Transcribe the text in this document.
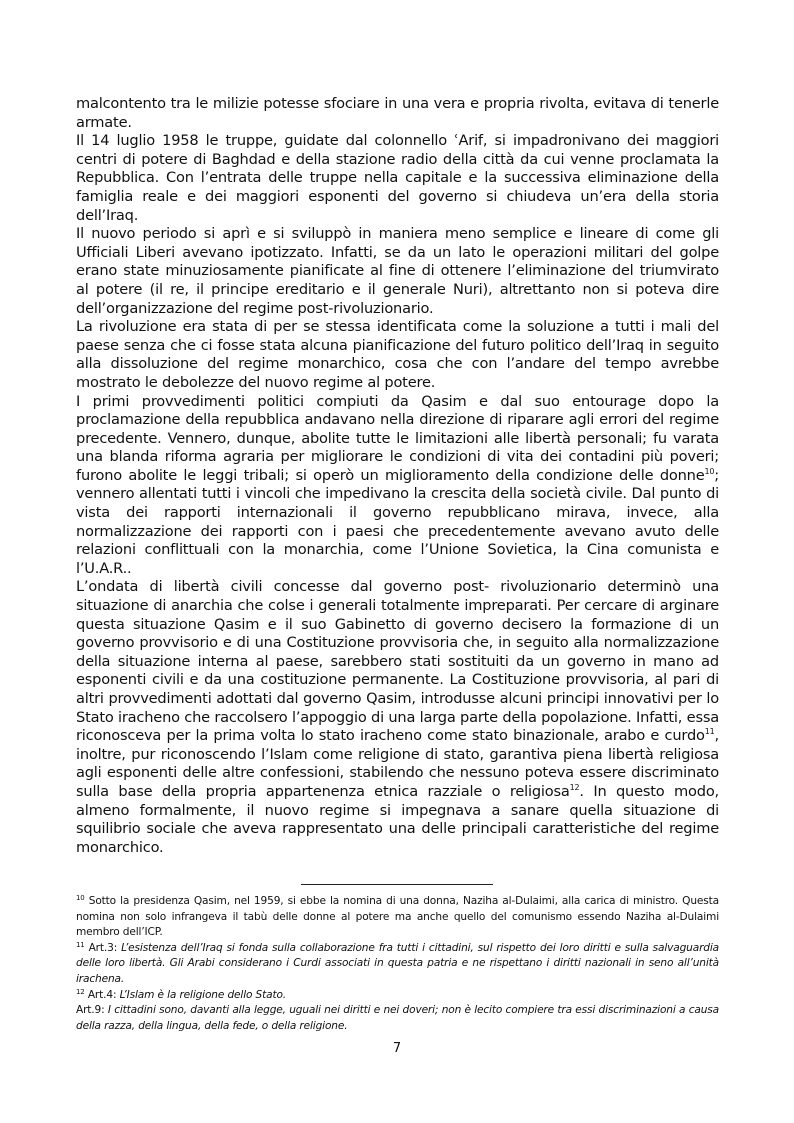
malcontento tra le milizie potesse sfociare in una vera e propria rivolta, evitava di tenerle armate.

Il 14 luglio 1958 le truppe, guidate dal colonnello ʿArif, si impadronivano dei maggiori centri di potere di Baghdad e della stazione radio della città da cui venne proclamata la Repubblica. Con l’entrata delle truppe nella capitale e la successiva eliminazione della famiglia reale e dei maggiori esponenti del governo si chiudeva un’era della storia dell’Iraq.

Il nuovo periodo si aprì e si sviluppò in maniera meno semplice e lineare di come gli Ufficiali Liberi avevano ipotizzato. Infatti, se da un lato le operazioni militari del golpe erano state minuziosamente pianificate al fine di ottenere l’eliminazione del triumvirato al potere (il re, il principe ereditario e il generale Nuri), altrettanto non si poteva dire dell’organizzazione del regime post-rivoluzionario.

La rivoluzione era stata di per se stessa identificata come la soluzione a tutti i mali del paese senza che ci fosse stata alcuna pianificazione del futuro politico dell’Iraq in seguito alla dissoluzione del regime monarchico, cosa che con l’andare del tempo avrebbe mostrato le debolezze del nuovo regime al potere.

I primi provvedimenti politici compiuti da Qasim e dal suo entourage dopo la proclamazione della repubblica andavano nella direzione di riparare agli errori del regime precedente. Vennero, dunque, abolite tutte le limitazioni alle libertà personali; fu varata una blanda riforma agraria per migliorare le condizioni di vita dei contadini più poveri; furono abolite le leggi tribali; si operò un miglioramento della condizione delle donne$^{10}$; vennero allentati tutti i vincoli che impedivano la crescita della società civile. Dal punto di vista dei rapporti internazionali il governo repubblicano mirava, invece, alla normalizzazione dei rapporti con i paesi che precedentemente avevano avuto delle relazioni conflittuali con la monarchia, come l’Unione Sovietica, la Cina comunista e l’U.A.R..

L’ondata di libertà civili concesse dal governo post- rivoluzionario determinò una situazione di anarchia che colse i generali totalmente impreparati. Per cercare di arginare questa situazione Qasim e il suo Gabinetto di governo decisero la formazione di un governo provvisorio e di una Costituzione provvisoria che, in seguito alla normalizzazione della situazione interna al paese, sarebbero stati sostituiti da un governo in mano ad esponenti civili e da una costituzione permanente. La Costituzione provvisoria, al pari di altri provvedimenti adottati dal governo Qasim, introdusse alcuni principi innovativi per lo Stato iracheno che raccolsero l’appoggio di una larga parte della popolazione. Infatti, essa riconosceva per la prima volta lo stato iracheno come stato binazionale, arabo e curdo$^{11}$, inoltre, pur riconoscendo l’Islam come religione di stato, garantiva piena libertà religiosa agli esponenti delle altre confessioni, stabilendo che nessuno poteva essere discriminato sulla base della propria appartenenza etnica razziale o religiosa$^{12}$. In questo modo, almeno formalmente, il nuovo regime si impegnava a sanare quella situazione di squilibrio sociale che aveva rappresentato una delle principali caratteristiche del regime monarchico.

$^{10}$ Sotto la presidenza Qasim, nel 1959, si ebbe la nomina di una donna, Naziha al-Dulaimi, alla carica di ministro. Questa nomina non solo infrangeva il tabù delle donne al potere ma anche quello del comunismo essendo Naziha al-Dulaimi membro dell’ICP.

$^{11}$ Art.3: L’esistenza dell’Iraq si fonda sulla collaborazione fra tutti i cittadini, sul rispetto dei loro diritti e sulla salvaguardia delle loro libertà. Gli Arabi considerano i Curdi associati in questa patria e ne rispettano i diritti nazionali in seno all’unità irachena.

$^{12}$ Art.4: L’Islam è la religione dello Stato.

Art.9: I cittadini sono, davanti alla legge, uguali nei diritti e nei doveri; non è lecito compiere tra essi discriminazioni a causa della razza, della lingua, della fede, o della religione.

7
